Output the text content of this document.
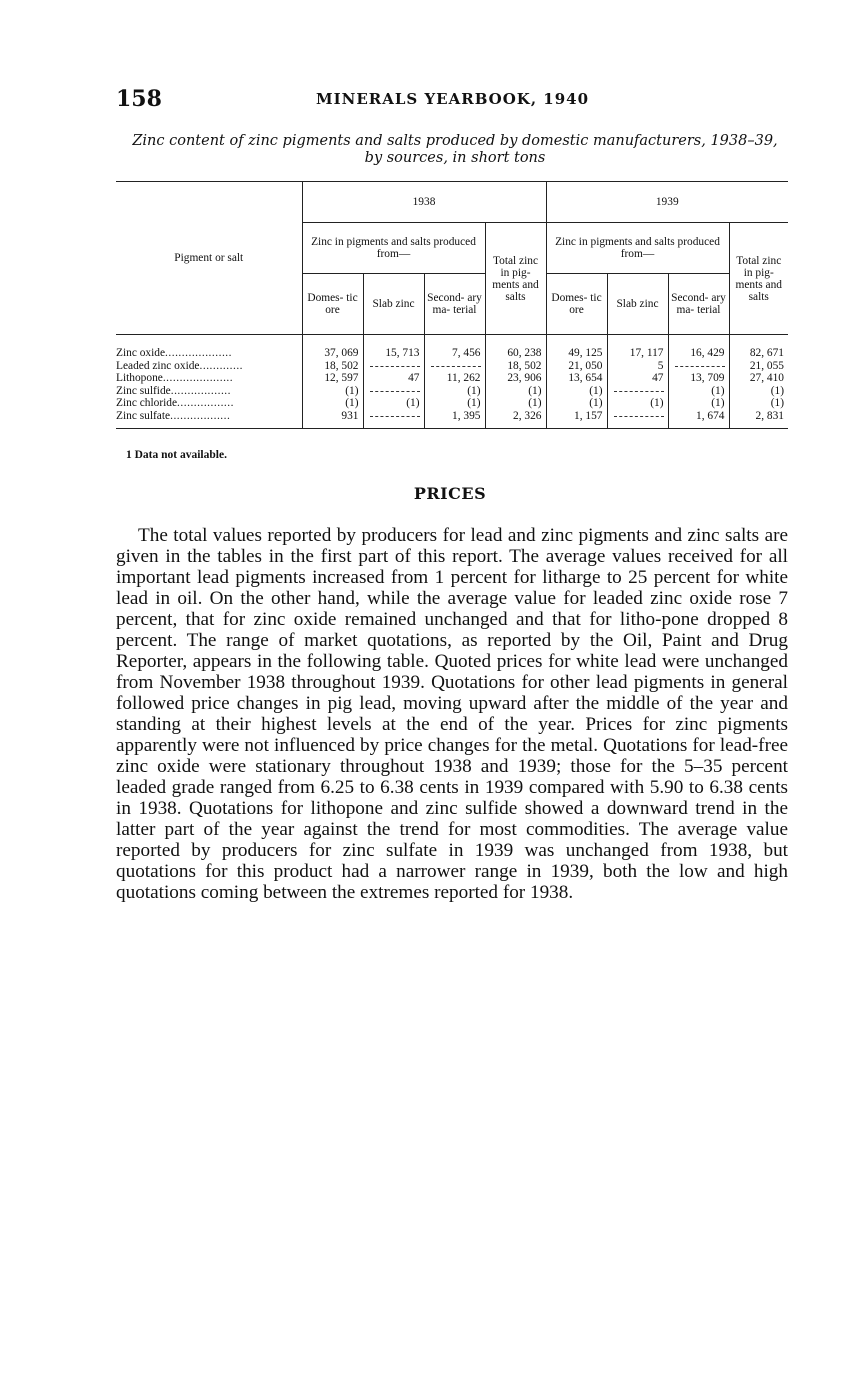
158	MINERALS YEARBOOK, 1940
Zinc content of zinc pigments and salts produced by domestic manufacturers, 1938–39,
by sources, in short tons
Pigment or salt	1938				1939			
	Zinc in pigments and salts produced from—			Total zinc in pig- ments and salts	Zinc in pigments and salts produced from—			Total zinc in pig- ments and salts
	Domes- tic ore	Slab zinc	Second- ary ma- terial		Domes- tic ore	Slab zinc	Second- ary ma- terial	
Zinc oxide....................	37, 069	15, 713	7, 456	60, 238	49, 125	17, 117	16, 429	82, 671
Leaded zinc oxide.............	18, 502			18, 502	21, 050	5		21, 055
Lithopone.....................	12, 597	47	11, 262	23, 906	13, 654	47	13, 709	27, 410
Zinc sulfide..................	(1)		(1)	(1)	(1)		(1)	(1)
Zinc chloride.................	(1)	(1)	(1)	(1)	(1)	(1)	(1)	(1)
Zinc sulfate..................	931		1, 395	2, 326	1, 157		1, 674	2, 831
1 Data not available.
PRICES

The total values reported by producers for lead and zinc pigments and zinc salts are given in the tables in the first part of this report. The average values received for all important lead pigments increased from 1 percent for litharge to 25 percent for white lead in oil. On the other hand, while the average value for leaded zinc oxide rose 7 percent, that for zinc oxide remained unchanged and that for litho-pone dropped 8 percent. The range of market quotations, as reported by the Oil, Paint and Drug Reporter, appears in the following table. Quoted prices for white lead were unchanged from November 1938 throughout 1939. Quotations for other lead pigments in general followed price changes in pig lead, moving upward after the middle of the year and standing at their highest levels at the end of the year. Prices for zinc pigments apparently were not influenced by price changes for the metal. Quotations for lead-free zinc oxide were stationary throughout 1938 and 1939; those for the 5–35 percent leaded grade ranged from 6.25 to 6.38 cents in 1939 compared with 5.90 to 6.38 cents in 1938. Quotations for lithopone and zinc sulfide showed a downward trend in the latter part of the year against the trend for most commodities. The average value reported by producers for zinc sulfate in 1939 was unchanged from 1938, but quotations for this product had a narrower range in 1939, both the low and high quotations coming between the extremes reported for 1938.
